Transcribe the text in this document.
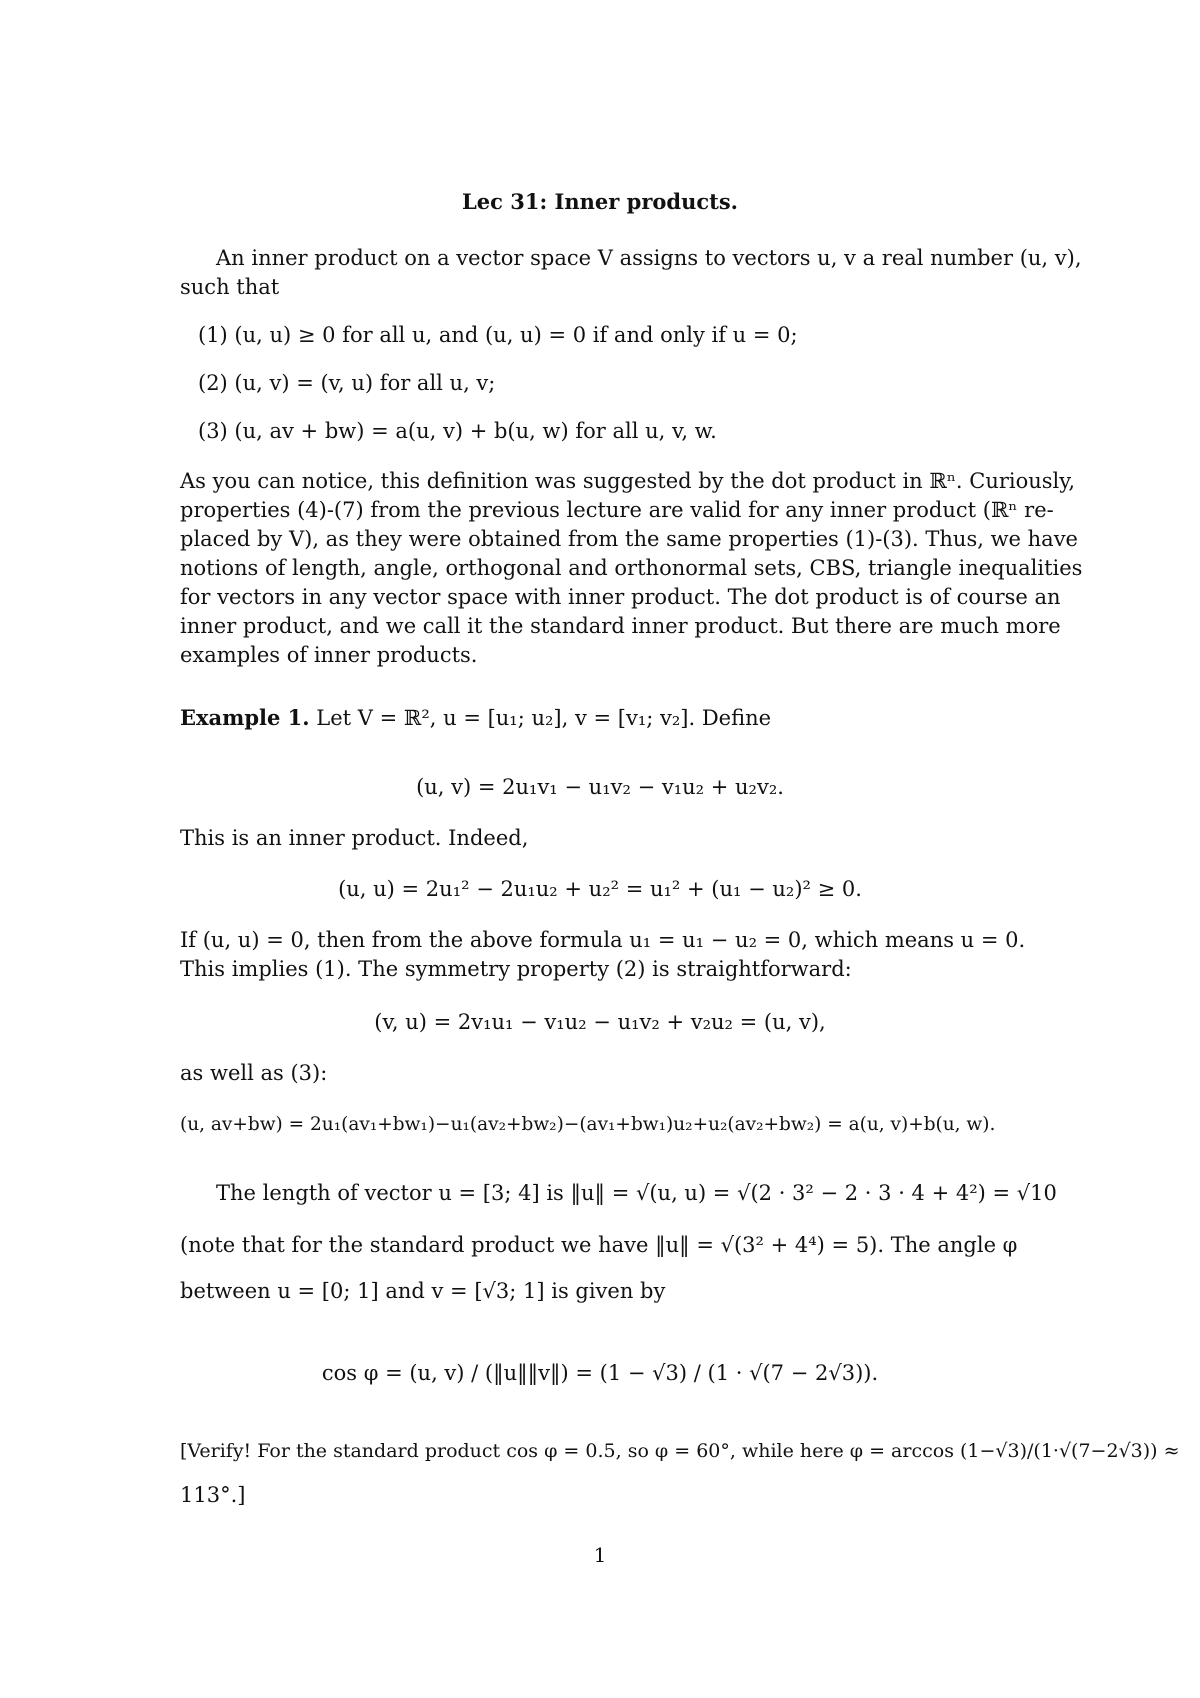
Lec 31: Inner products.
An inner product on a vector space V assigns to vectors u, v a real number (u, v),
such that
(1) (u, u) ≥ 0 for all u, and (u, u) = 0 if and only if u = 0;
(2) (u, v) = (v, u) for all u, v;
(3) (u, av + bw) = a(u, v) + b(u, w) for all u, v, w.
As you can notice, this definition was suggested by the dot product in ℝⁿ. Curiously,
properties (4)-(7) from the previous lecture are valid for any inner product (ℝⁿ re-
placed by V), as they were obtained from the same properties (1)-(3). Thus, we have
notions of length, angle, orthogonal and orthonormal sets, CBS, triangle inequalities
for vectors in any vector space with inner product. The dot product is of course an
inner product, and we call it the standard inner product. But there are much more
examples of inner products.
Example 1. Let V = ℝ², u = [u₁; u₂], v = [v₁; v₂]. Define
(u, v) = 2u₁v₁ − u₁v₂ − v₁u₂ + u₂v₂.
This is an inner product. Indeed,
(u, u) = 2u₁² − 2u₁u₂ + u₂² = u₁² + (u₁ − u₂)² ≥ 0.
If (u, u) = 0, then from the above formula u₁ = u₁ − u₂ = 0, which means u = 0.
This implies (1). The symmetry property (2) is straightforward:
(v, u) = 2v₁u₁ − v₁u₂ − u₁v₂ + v₂u₂ = (u, v),
as well as (3):
(u, av+bw) = 2u₁(av₁+bw₁)−u₁(av₂+bw₂)−(av₁+bw₁)u₂+u₂(av₂+bw₂) = a(u, v)+b(u, w).
The length of vector u = [3; 4] is ‖u‖ = √(u, u) = √(2 · 3² − 2 · 3 · 4 + 4²) = √10
(note that for the standard product we have ‖u‖ = √(3² + 4⁴) = 5). The angle φ
between u = [0; 1] and v = [√3; 1] is given by
cos φ = (u, v) / (‖u‖‖v‖) = (1 − √3) / (1 · √(7 − 2√3)).
[Verify! For the standard product cos φ = 0.5, so φ = 60°, while here φ = arccos (1−√3)/(1·√(7−2√3)) ≈
113°.]
1
